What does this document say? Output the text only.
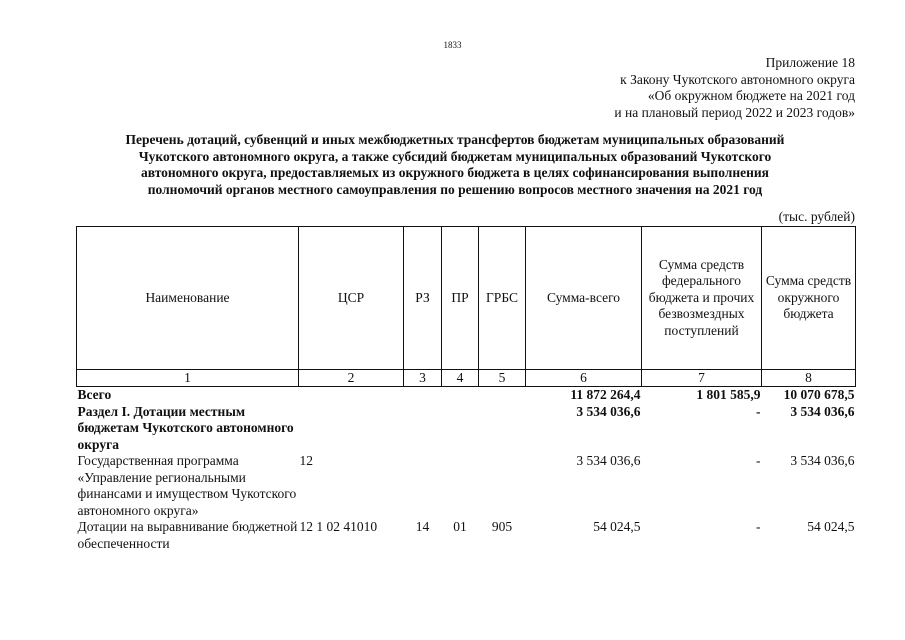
1833
Приложение 18
к Закону Чукотского автономного округа
«Об окружном бюджете на 2021 год
и на плановый период 2022 и 2023 годов»
Перечень дотаций, субвенций и иных межбюджетных трансфертов бюджетам муниципальных образований
Чукотского автономного округа, а также субсидий бюджетам муниципальных образований Чукотского
автономного округа, предоставляемых из окружного бюджета в целях софинансирования выполнения
полномочий органов местного самоуправления по решению вопросов местного значения на 2021 год
(тыс. рублей)
Наименование	ЦСР	РЗ	ПР	ГРБС	Сумма-всего	Сумма средств федерального бюджета и прочих безвозмездных поступлений	Сумма средств окружного бюджета
1	2	3	4	5	6	7	8
Всего					11 872 264,4	1 801 585,9	10 070 678,5
Раздел I. Дотации местным бюджетам Чукотского автономного округа					3 534 036,6	-	3 534 036,6
Государственная программа «Управление региональными финансами и имуществом Чукотского автономного округа»	12				3 534 036,6	-	3 534 036,6
Дотации на выравнивание бюджетной обеспеченности	12 1 02 41010	14	01	905	54 024,5	-	54 024,5
